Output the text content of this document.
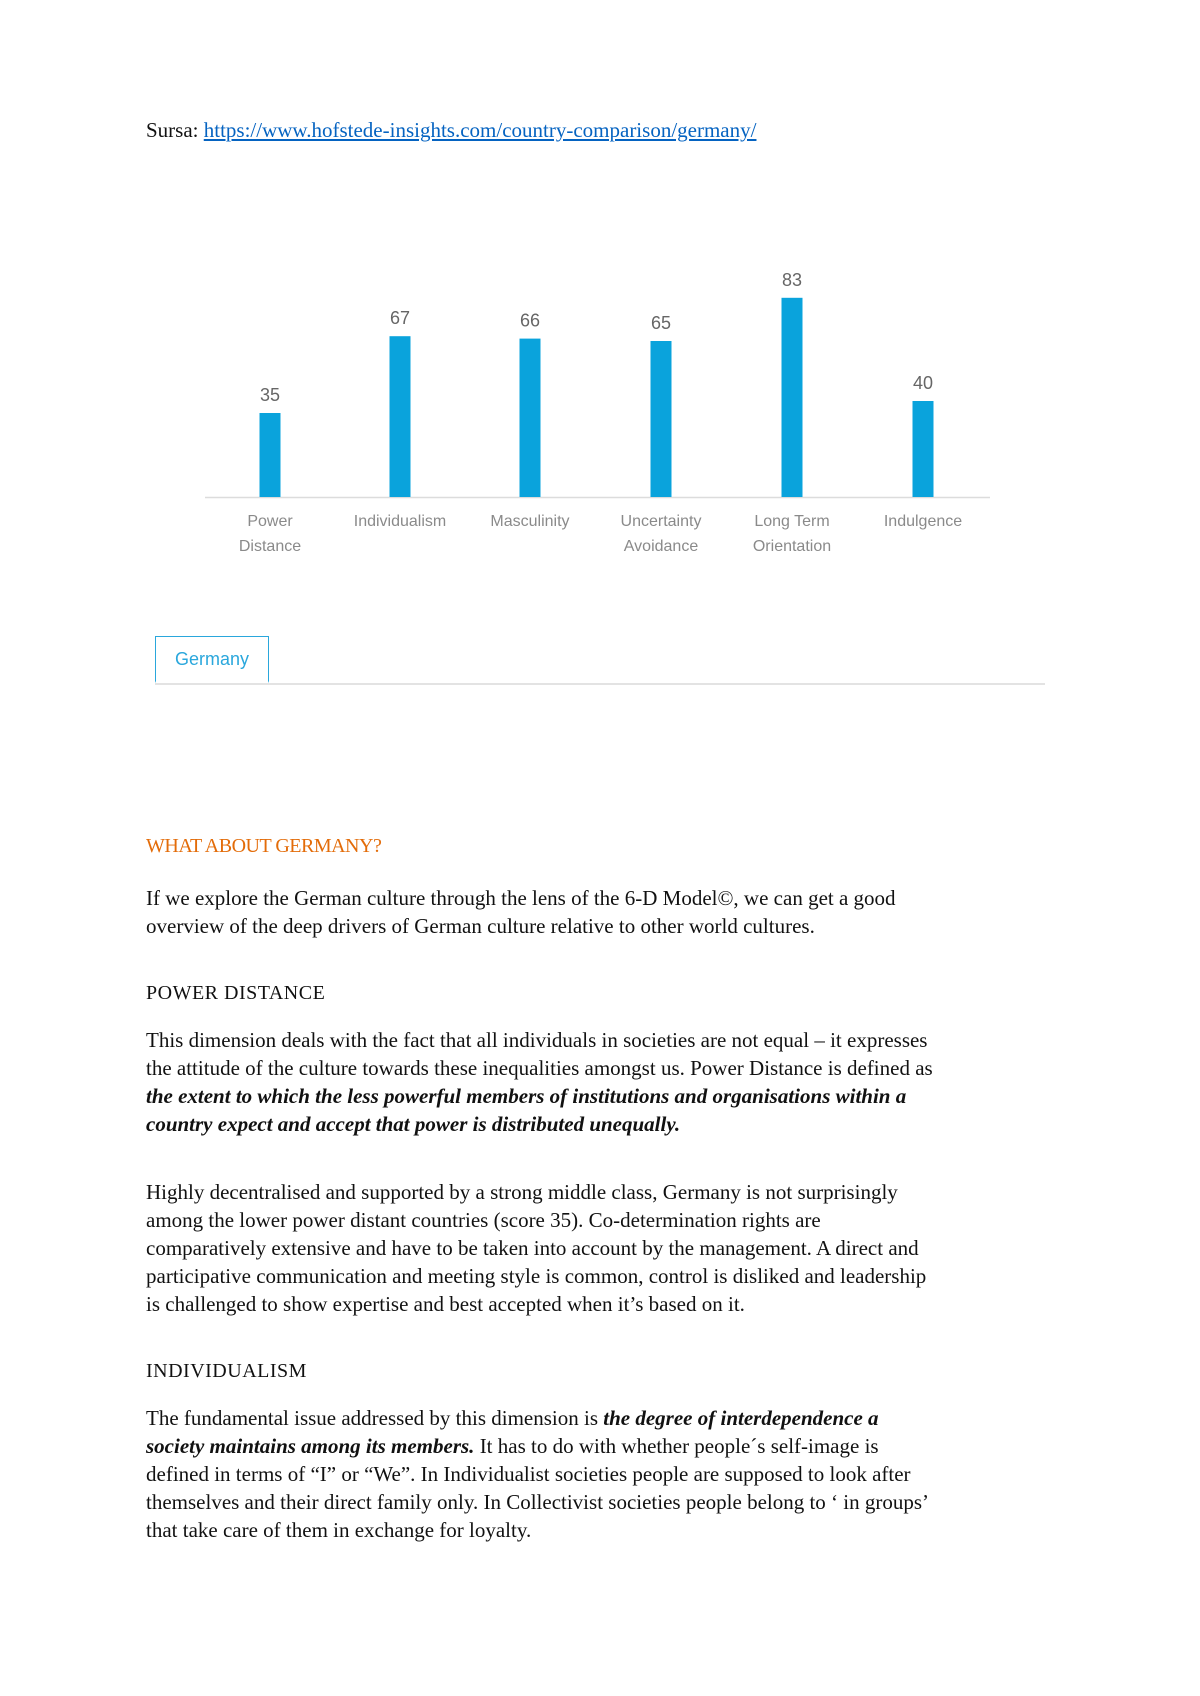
Sursa: https://www.hofstede-insights.com/country-comparison/germany/
35
Power
Distance
67
Individualism
66
Masculinity
65
Uncertainty
Avoidance
83
Long Term
Orientation
40
Indulgence
Germany
WHAT ABOUT GERMANY?
If we explore the German culture through the lens of the 6-D Model©, we can get a good
overview of the deep drivers of German culture relative to other world cultures.
POWER DISTANCE
This dimension deals with the fact that all individuals in societies are not equal – it expresses
the attitude of the culture towards these inequalities amongst us. Power Distance is defined as
the extent to which the less powerful members of institutions and organisations within a
country expect and accept that power is distributed unequally.
Highly decentralised and supported by a strong middle class, Germany is not surprisingly
among the lower power distant countries (score 35). Co-determination rights are
comparatively extensive and have to be taken into account by the management. A direct and
participative communication and meeting style is common, control is disliked and leadership
is challenged to show expertise and best accepted when it’s based on it.
INDIVIDUALISM
The fundamental issue addressed by this dimension is the degree of interdependence a
society maintains among its members. It has to do with whether people´s self-image is
defined in terms of “I” or “We”. In Individualist societies people are supposed to look after
themselves and their direct family only. In Collectivist societies people belong to ‘ in groups’
that take care of them in exchange for loyalty.
